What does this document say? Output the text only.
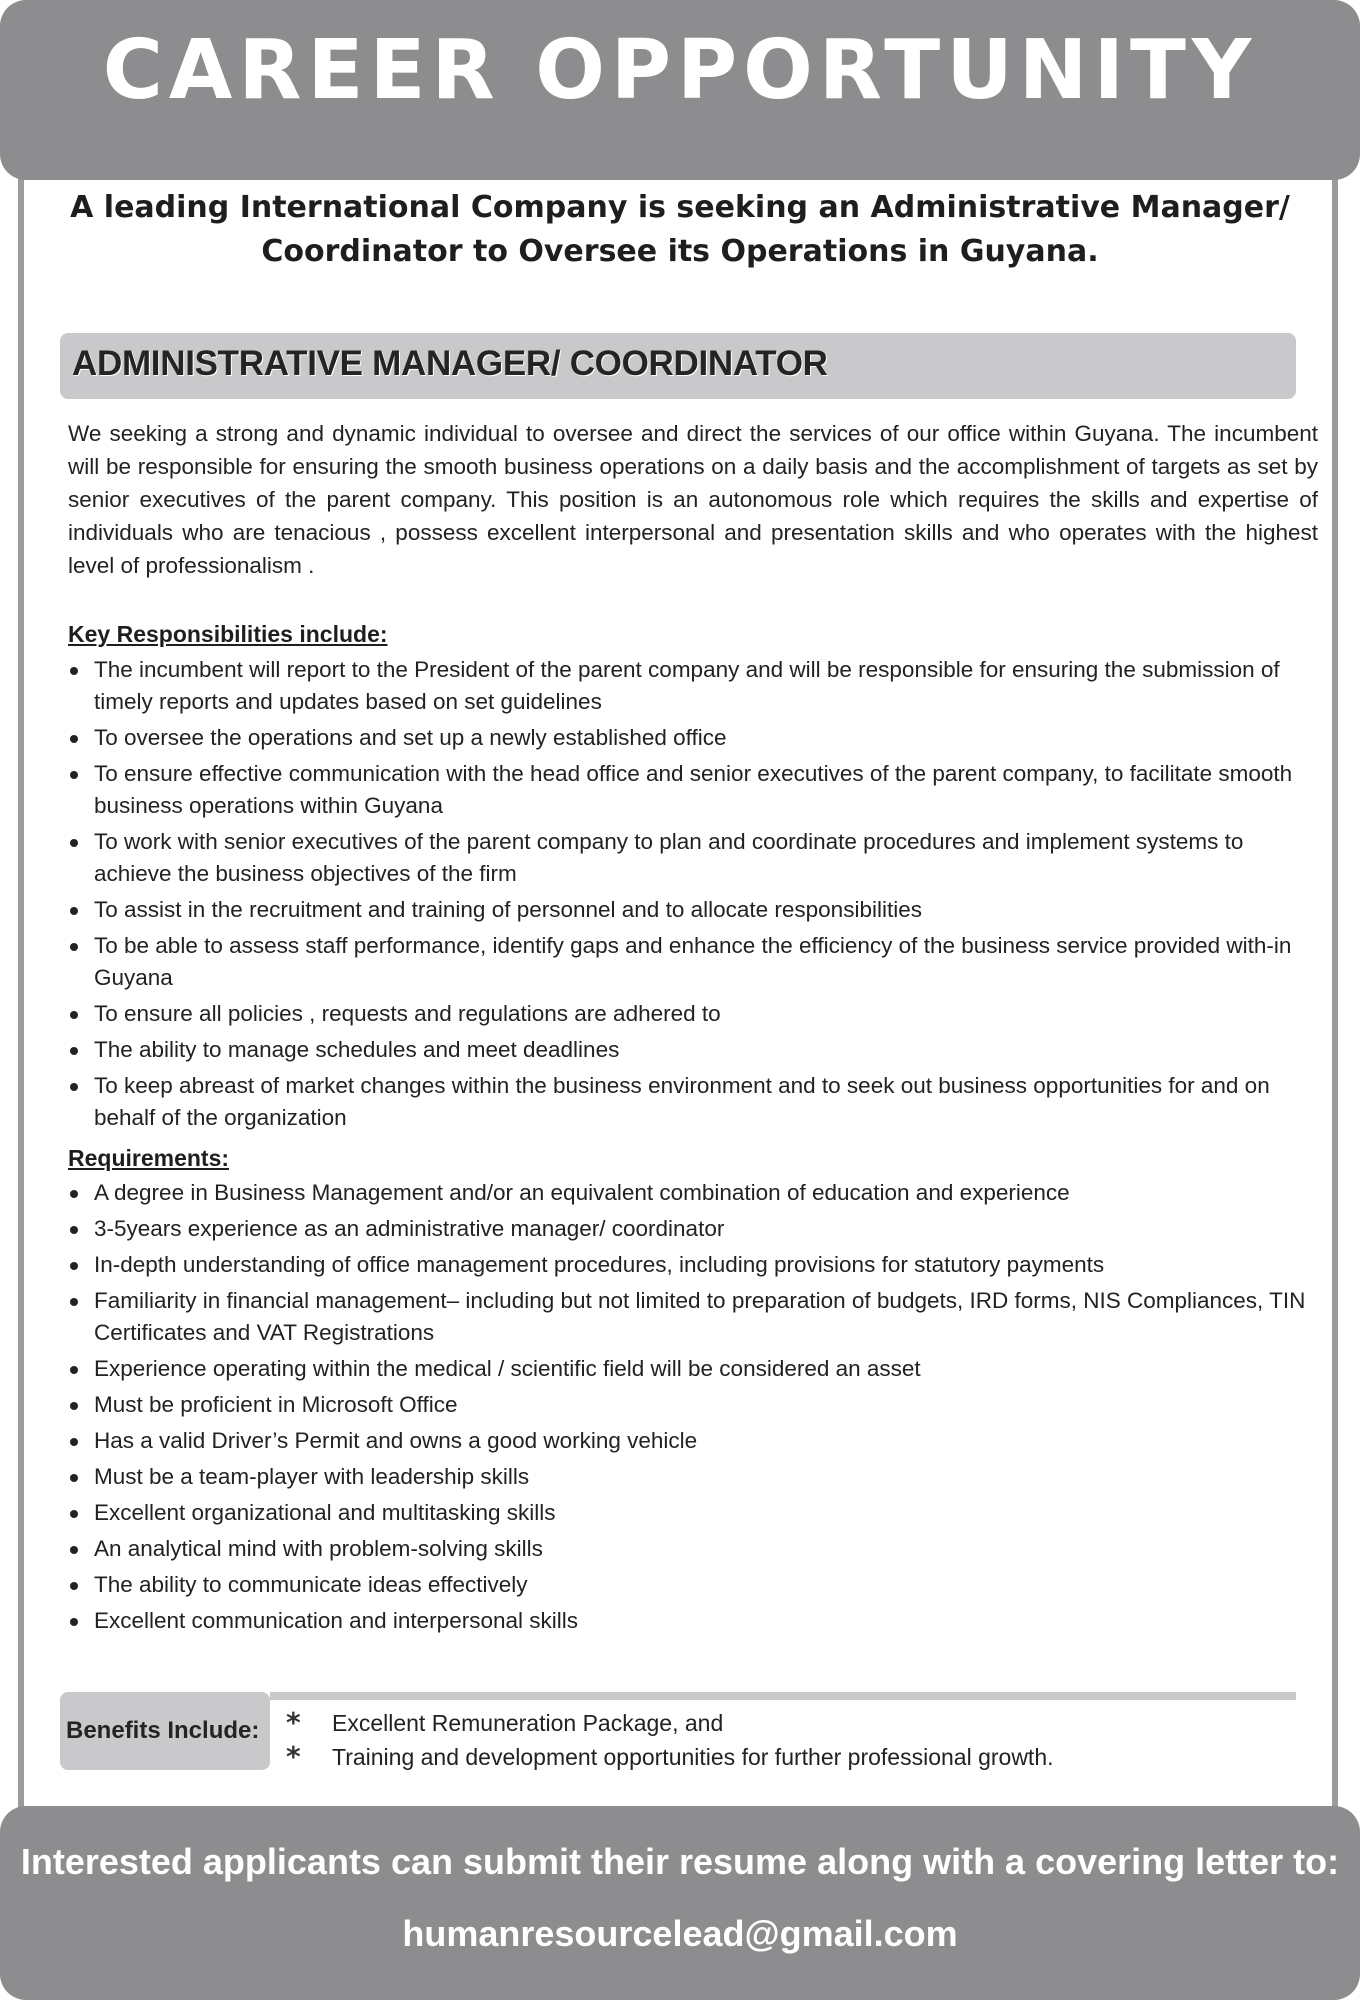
CAREER OPPORTUNITY
A leading International Company is seeking an Administrative Manager/ Coordinator to Oversee its Operations in Guyana.
ADMINISTRATIVE MANAGER/ COORDINATOR
We seeking a strong and dynamic individual to oversee and direct the services of our office within Guyana. The incumbent will be responsible for ensuring the smooth business operations on a daily basis and the accomplishment of targets as set by senior executives of the parent company. This position is an autonomous role which requires the skills and expertise of individuals who are tenacious , possess excellent interpersonal and presentation skills and who operates with the highest level of professionalism .
Key Responsibilities include:
The incumbent will report to the President of the parent company and will be responsible for ensuring the submission of timely reports and updates based on set guidelines
To oversee the operations and set up a newly established office
To ensure effective communication with the head office and senior executives of the parent company, to facilitate smooth business operations within Guyana
To work with senior executives of the parent company to plan and coordinate procedures and implement systems to achieve the business objectives of the firm
To assist in the recruitment and training of personnel and to allocate responsibilities
To be able to assess staff performance, identify gaps and enhance the efficiency of the business service provided with-in Guyana
To ensure all policies , requests and regulations are adhered to
The ability to manage schedules and meet deadlines
To keep abreast of market changes within the business environment and to seek out business opportunities for and on behalf of the organization
Requirements:
A degree in Business Management and/or an equivalent combination of education and experience
3-5years experience as an administrative manager/ coordinator
In-depth understanding of office management procedures, including provisions for statutory payments
Familiarity in financial management– including but not limited to preparation of budgets, IRD forms, NIS Compliances, TIN Certificates and VAT Registrations
Experience operating within the medical / scientific field will be considered an asset
Must be proficient in Microsoft Office
Has a valid Driver’s Permit and owns a good working vehicle
Must be a team-player with leadership skills
Excellent organizational and multitasking skills
An analytical mind with problem-solving skills
The ability to communicate ideas effectively
Excellent communication and interpersonal skills
Benefits Include: * Excellent Remuneration Package, and
* Training and development opportunities for further professional growth.
Interested applicants can submit their resume along with a covering letter to:
humanresourcelead@gmail.com
